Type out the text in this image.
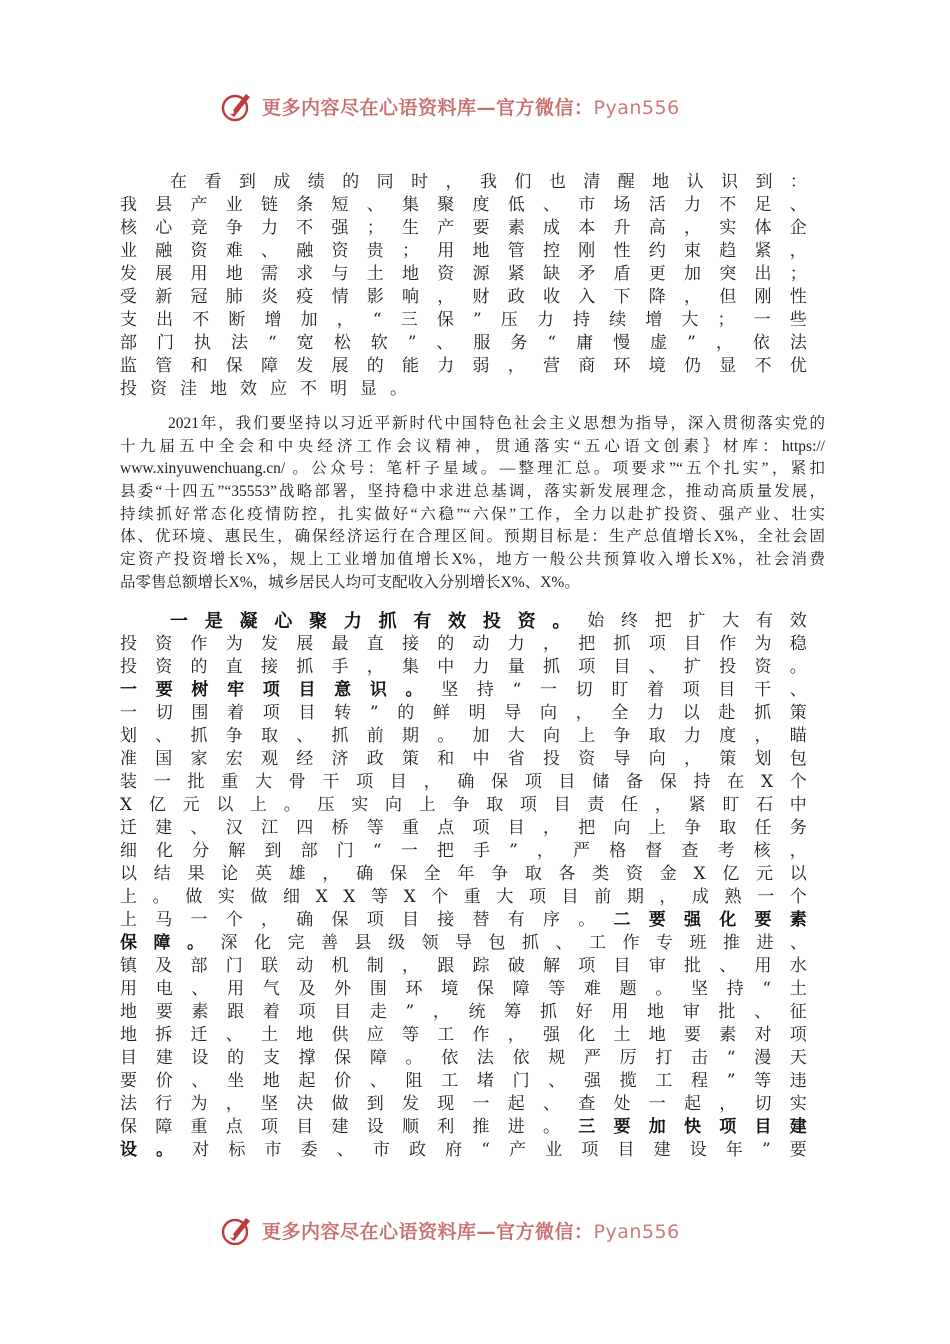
更多内容尽在心语资料库—官方微信：Pyan556
在 看 到 成 绩 的 同 时 ， 我 们 也 清 醒 地 认 识 到 ：
我 县 产 业 链 条 短 、 集 聚 度 低 、 市 场 活 力 不 足 、
核 心 竞 争 力 不 强 ； 生 产 要 素 成 本 升 高 ， 实 体 企
业 融 资 难 、 融 资 贵 ； 用 地 管 控 刚 性 约 束 趋 紧 ，
发 展 用 地 需 求 与 土 地 资 源 紧 缺 矛 盾 更 加 突 出 ；
受 新 冠 肺 炎 疫 情 影 响 ， 财 政 收 入 下 降 ， 但 刚 性
支 出 不 断 增 加 ， “ 三 保 ” 压 力 持 续 增 大 ； 一 些
部 门 执 法 “ 宽 松 软 ” 、 服 务 “ 庸 慢 虚 ” ， 依 法
监 管 和 保 障 发 展 的 能 力 弱 ， 营 商 环 境 仍 显 不 优
投 资 洼 地 效 应 不 明 显 。
2021年，我们要坚持以习近平新时代中国特色社会主义思想为指导，深入贯彻落实党的
十九届五中全会和中央经济工作会议精神，贯通落实“五心语文创素｝材库：https://
www.xinyuwenchuang.cn/ 。公众号：笔杆子星域。—整理汇总。项要求”“五个扎实”，紧扣
县委“十四五”“35553”战略部署，坚持稳中求进总基调，落实新发展理念，推动高质量发展，
持续抓好常态化疫情防控，扎实做好“六稳”“六保”工作，全力以赴扩投资、强产业、壮实
体、优环境、惠民生，确保经济运行在合理区间。预期目标是：生产总值增长X%，全社会固
定资产投资增长X%，规上工业增加值增长X%，地方一般公共预算收入增长X%，社会消费
品零售总额增长X%，城乡居民人均可支配收入分别增长X%、X%。
一 是 凝 心 聚 力 抓 有 效 投 资 。 始 终 把 扩 大 有 效
投 资 作 为 发 展 最 直 接 的 动 力 ， 把 抓 项 目 作 为 稳
投 资 的 直 接 抓 手 ， 集 中 力 量 抓 项 目 、 扩 投 资 。
一 要 树 牢 项 目 意 识 。 坚 持 “ 一 切 盯 着 项 目 干 、
一 切 围 着 项 目 转 ” 的 鲜 明 导 向 ， 全 力 以 赴 抓 策
划 、 抓 争 取 、 抓 前 期 。 加 大 向 上 争 取 力 度 ， 瞄
准 国 家 宏 观 经 济 政 策 和 中 省 投 资 导 向 ， 策 划 包
装 一 批 重 大 骨 干 项 目 ， 确 保 项 目 储 备 保 持 在 X 个
X 亿 元 以 上 。 压 实 向 上 争 取 项 目 责 任 ， 紧 盯 石 中
迁 建 、 汉 江 四 桥 等 重 点 项 目 ， 把 向 上 争 取 任 务
细 化 分 解 到 部 门 “ 一 把 手 ” ， 严 格 督 查 考 核 ，
以 结 果 论 英 雄 ， 确 保 全 年 争 取 各 类 资 金 X 亿 元 以
上 。 做 实 做 细 X X 等 X 个 重 大 项 目 前 期 ， 成 熟 一 个
上 马 一 个 ， 确 保 项 目 接 替 有 序 。 二 要 强 化 要 素
保 障 。 深 化 完 善 县 级 领 导 包 抓 、 工 作 专 班 推 进 、
镇 及 部 门 联 动 机 制 ， 跟 踪 破 解 项 目 审 批 、 用 水
用 电 、 用 气 及 外 围 环 境 保 障 等 难 题 。 坚 持 “ 土
地 要 素 跟 着 项 目 走 ” ， 统 筹 抓 好 用 地 审 批 、 征
地 拆 迁 、 土 地 供 应 等 工 作 ， 强 化 土 地 要 素 对 项
目 建 设 的 支 撑 保 障 。 依 法 依 规 严 厉 打 击 “ 漫 天
要 价 、 坐 地 起 价 、 阻 工 堵 门 、 强 揽 工 程 ” 等 违
法 行 为 ， 坚 决 做 到 发 现 一 起 、 查 处 一 起 ， 切 实
保 障 重 点 项 目 建 设 顺 利 推 进 。 三 要 加 快 项 目 建
设 。 对 标 市 委 、 市 政 府 “ 产 业 项 目 建 设 年 ” 要
更多内容尽在心语资料库—官方微信：Pyan556
